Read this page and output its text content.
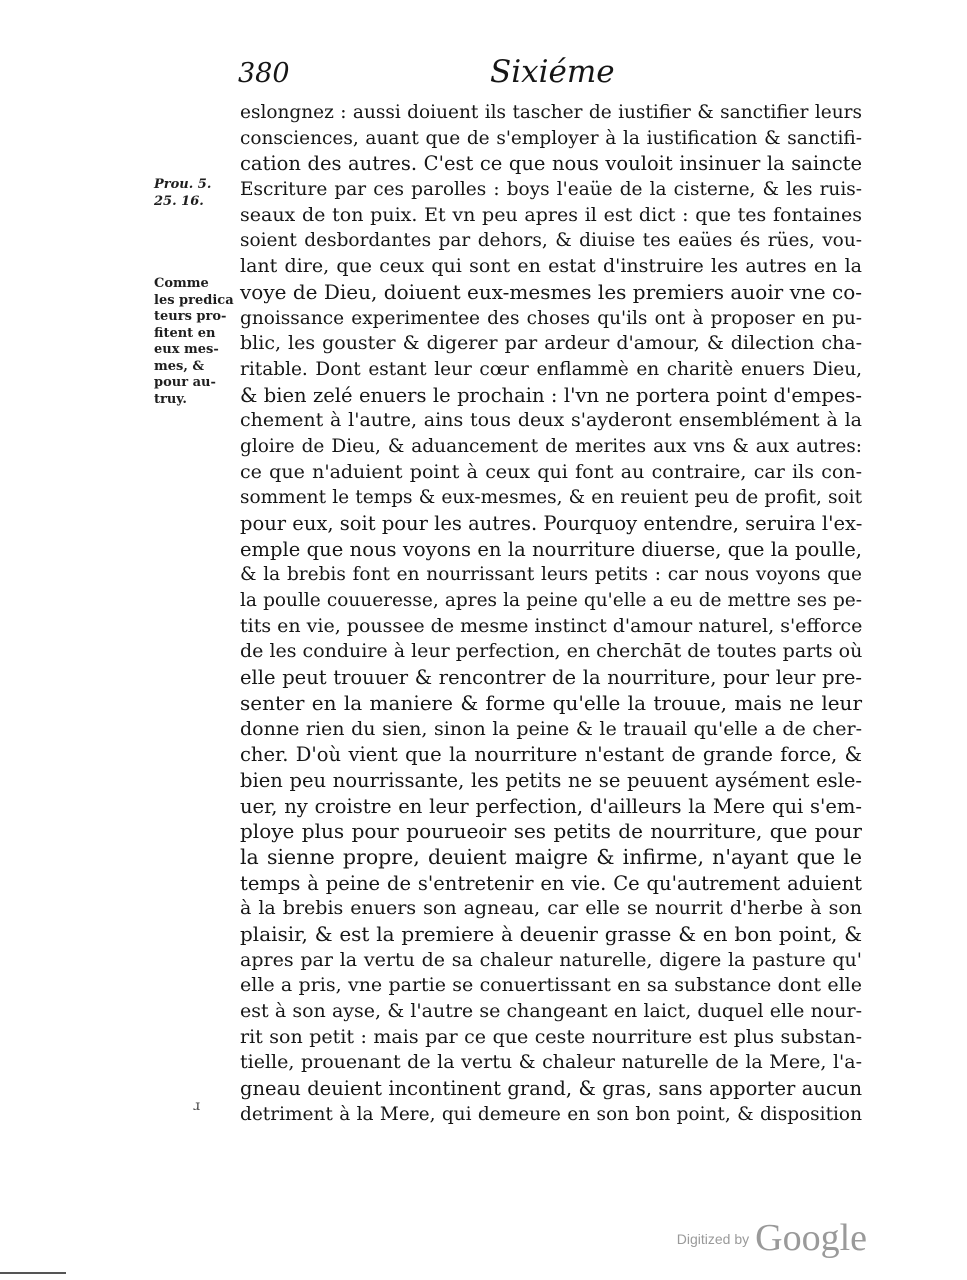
380	Sixiéme
Prou. 5.
25. 16.
Comme
les predica
teurs pro-
fitent en
eux mes-
mes, &
pour au-
truy.
eslongnez : aussi doiuent ils tascher de iustifier & sanctifier leurs
consciences, auant que de s'employer à la iustification & sanctifi-
cation des autres. C'est ce que nous vouloit insinuer la saincte
Escriture par ces parolles : boys l'eaüe de la cisterne, & les ruis-
seaux de ton puix. Et vn peu apres il est dict : que tes fontaines
soient desbordantes par dehors, & diuise tes eaües és rües, vou-
lant dire, que ceux qui sont en estat d'instruire les autres en la
voye de Dieu, doiuent eux-mesmes les premiers auoir vne co-
gnoissance experimentee des choses qu'ils ont à proposer en pu-
blic, les gouster & digerer par ardeur d'amour, & dilection cha-
ritable. Dont estant leur cœur enflammè en charitè enuers Dieu,
& bien zelé enuers le prochain : l'vn ne portera point d'empes-
chement à l'autre, ains tous deux s'ayderont ensemblément à la
gloire de Dieu, & aduancement de merites aux vns & aux autres:
ce que n'aduient point à ceux qui font au contraire, car ils con-
somment le temps & eux-mesmes, & en reuient peu de profit, soit
pour eux, soit pour les autres. Pourquoy entendre, seruira l'ex-
emple que nous voyons en la nourriture diuerse, que la poulle,
& la brebis font en nourrissant leurs petits : car nous voyons que
la poulle couueresse, apres la peine qu'elle a eu de mettre ses pe-
tits en vie, poussee de mesme instinct d'amour naturel, s'efforce
de les conduire à leur perfection, en cherchāt de toutes parts où
elle peut trouuer & rencontrer de la nourriture, pour leur pre-
senter en la maniere & forme qu'elle la trouue, mais ne leur
donne rien du sien, sinon la peine & le trauail qu'elle a de cher-
cher. D'où vient que la nourriture n'estant de grande force, &
bien peu nourrissante, les petits ne se peuuent aysément esle-
uer, ny croistre en leur perfection, d'ailleurs la Mere qui s'em-
ploye plus pour pourueoir ses petits de nourriture, que pour
la sienne propre, deuient maigre & infirme, n'ayant que le
temps à peine de s'entretenir en vie. Ce qu'autrement aduient
à la brebis enuers son agneau, car elle se nourrit d'herbe à son
plaisir, & est la premiere à deuenir grasse & en bon point, &
apres par la vertu de sa chaleur naturelle, digere la pasture qu'
elle a pris, vne partie se conuertissant en sa substance dont elle
est à son ayse, & l'autre se changeant en laict, duquel elle nour-
rit son petit : mais par ce que ceste nourriture est plus substan-
tielle, prouenant de la vertu & chaleur naturelle de la Mere, l'a-
gneau deuient incontinent grand, & gras, sans apporter aucun
detriment à la Mere, qui demeure en son bon point, & disposition
ɹ
Digitized by Google
